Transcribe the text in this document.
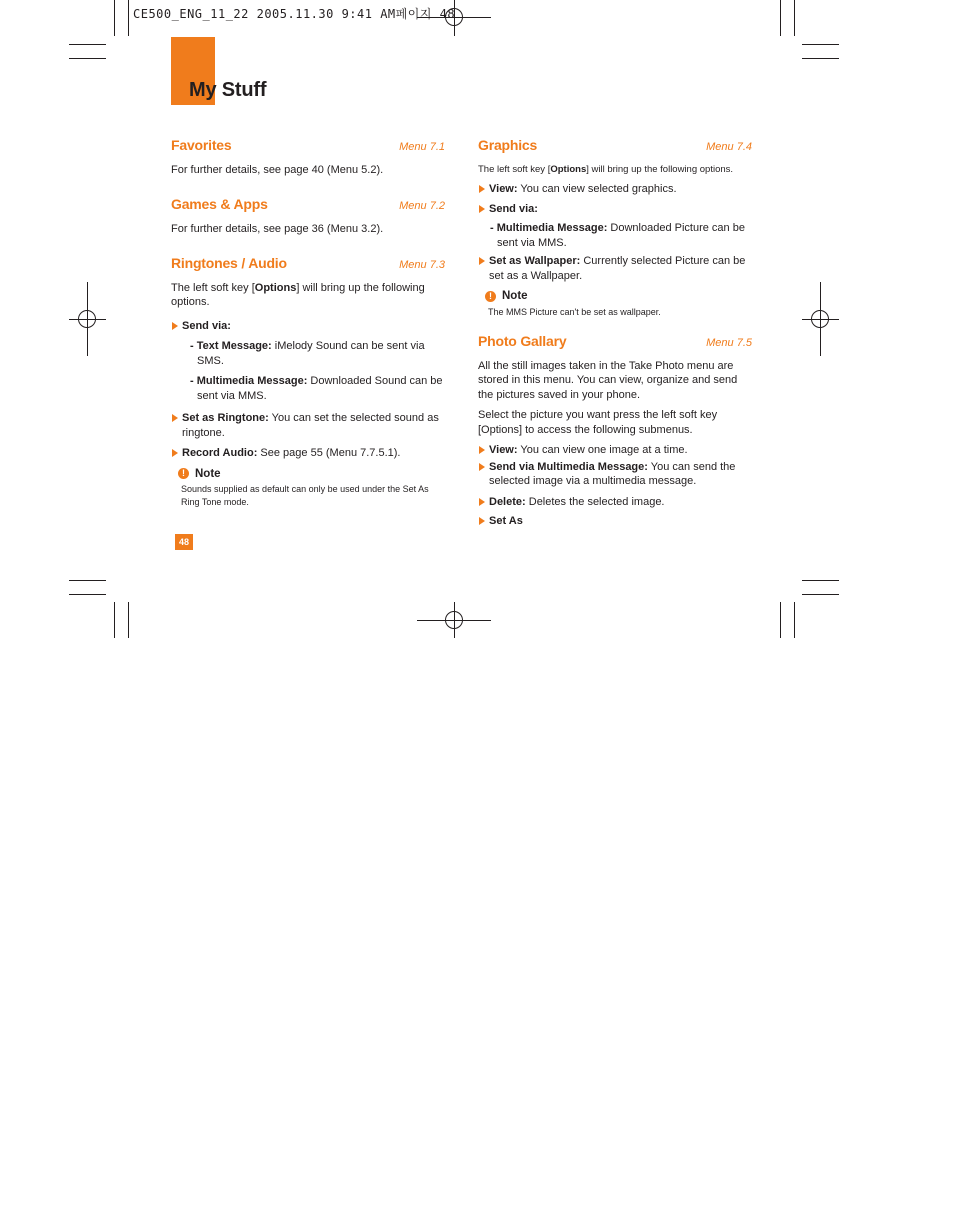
CE500_ENG_11_22 2005.11.30 9:41 AM페이지 48
My Stuff
Favorites	Menu 7.1

For further details, see page 40 (Menu 5.2).

Games & Apps	Menu 7.2

For further details, see page 36 (Menu 3.2).

Ringtones / Audio	Menu 7.3

The left soft key [Options] will bring up the following options.

Send via:
- Text Message: iMelody Sound can be sent via SMS.
- Multimedia Message: Downloaded Sound can be sent via MMS.
Set as Ringtone: You can set the selected sound as ringtone.
Record Audio: See page 55 (Menu 7.7.5.1).
! Note
Sounds supplied as default can only be used under the Set As Ring Tone mode.
Graphics	Menu 7.4

The left soft key [Options] will bring up the following options.

View: You can view selected graphics.
Send via:
- Multimedia Message: Downloaded Picture can be sent via MMS.
Set as Wallpaper: Currently selected Picture can be set as a Wallpaper.
! Note
The MMS Picture can't be set as wallpaper.
Photo Gallary	Menu 7.5

All the still images taken in the Take Photo menu are stored in this menu. You can view, organize and send the pictures saved in your phone.

Select the picture you want press the left soft key [Options] to access the following submenus.

View: You can view one image at a time.
Send via Multimedia Message: You can send the selected image via a multimedia message.
Delete: Deletes the selected image.
Set As
48
